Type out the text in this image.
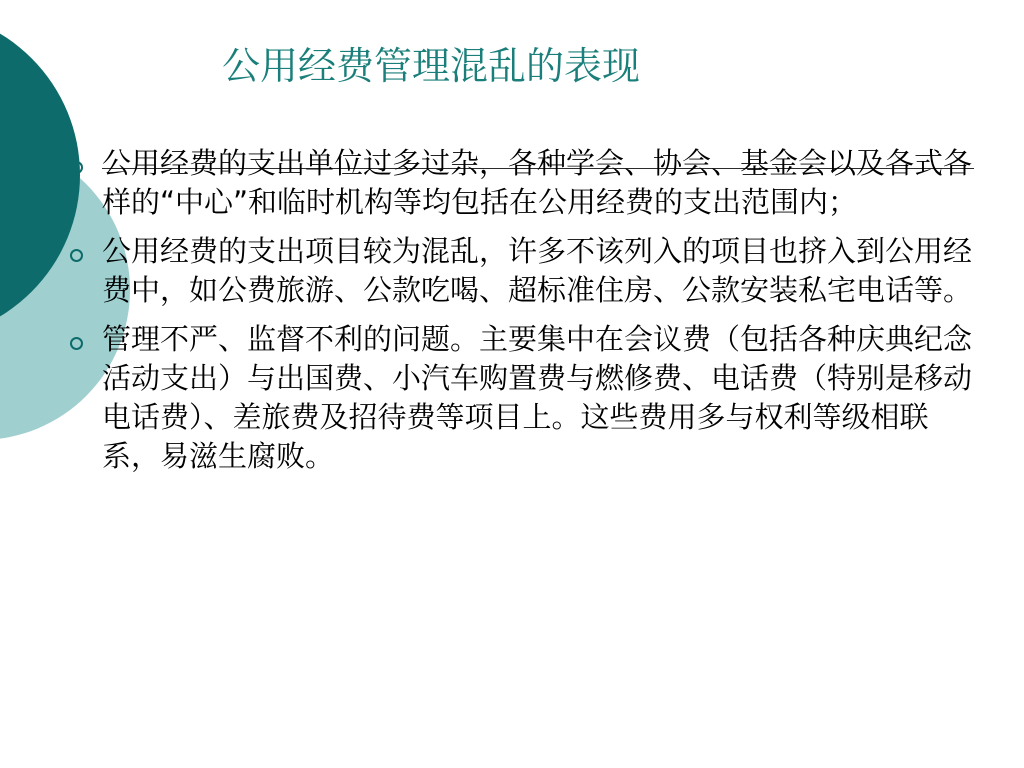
公用经费管理混乱的表现
公用经费的支出单位过多过杂，各种学会、协会、基金会以及各式各样的“中心”和临时机构等均包括在公用经费的支出范围内；
公用经费的支出项目较为混乱，许多不该列入的项目也挤入到公用经费中，如公费旅游、公款吃喝、超标准住房、公款安装私宅电话等。
管理不严、监督不利的问题。主要集中在会议费（包括各种庆典纪念活动支出）与出国费、小汽车购置费与燃修费、电话费（特别是移动电话费）、差旅费及招待费等项目上。这些费用多与权利等级相联系，易滋生腐败。
